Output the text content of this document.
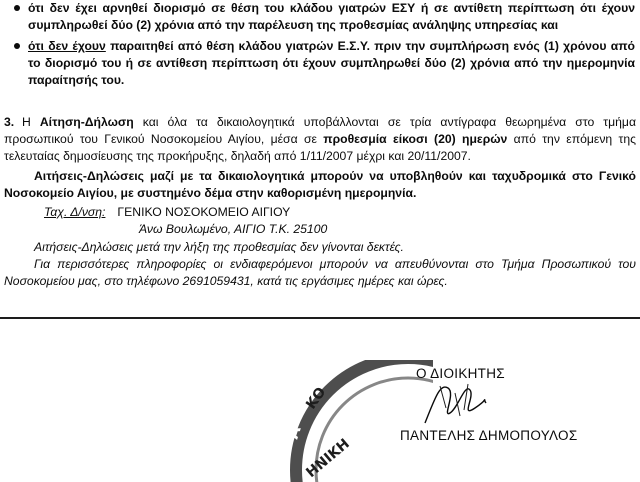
ότι δεν έχει αρνηθεί διορισμό σε θέση του κλάδου γιατρών ΕΣΥ ή σε αντίθετη περίπτωση ότι έχουν συμπληρωθεί δύο (2) χρόνια από την παρέλευση της προθεσμίας ανάληψης υπηρεσίας και
ότι δεν έχουν παραιτηθεί από θέση κλάδου γιατρών Ε.Σ.Υ. πριν την συμπλήρωση ενός (1) χρόνου από το διορισμό του ή σε αντίθεση περίπτωση ότι έχουν συμπληρωθεί δύο (2) χρόνια από την ημερομηνία παραίτησής του.

3. Η Αίτηση-Δήλωση και όλα τα δικαιολογητικά υποβάλλονται σε τρία αντίγραφα θεωρημένα στο τμήμα προσωπικού του Γενικού Νοσοκομείου Αιγίου, μέσα σε προθεσμία είκοσι (20) ημερών από την επόμενη της τελευταίας δημοσίευσης της προκήρυξης, δηλαδή από 1/11/2007 μέχρι και 20/11/2007.

Αιτήσεις-Δηλώσεις μαζί με τα δικαιολογητικά μπορούν να υποβληθούν και ταχυδρομικά στο Γενικό Νοσοκομείο Αιγίου, με συστημένο δέμα στην καθορισμένη ημερομηνία.

Ταχ. Δ/νση: ΓΕΝΙΚΟ ΝΟΣΟΚΟΜΕΙΟ ΑΙΓΙΟΥ
Άνω Βουλωμένο, ΑΙΓΙΟ Τ.Κ. 25100

Αιτήσεις-Δηλώσεις μετά την λήξη της προθεσμίας δεν γίνονται δεκτές.

Για περισσότερες πληροφορίες οι ενδιαφερόμενοι μπορούν να απευθύνονται στο Τμήμα Προσωπικού του Νοσοκομείου μας, στο τηλέφωνο 2691059431, κατά τις εργάσιμες ημέρες και ώρες.

Α
ΚΟ
ΗΝΙΚΗ
Ο ΔΙΟΙΚΗΤΗΣ
ΠΑΝΤΕΛΗΣ ΔΗΜΟΠΟΥΛΟΣ
